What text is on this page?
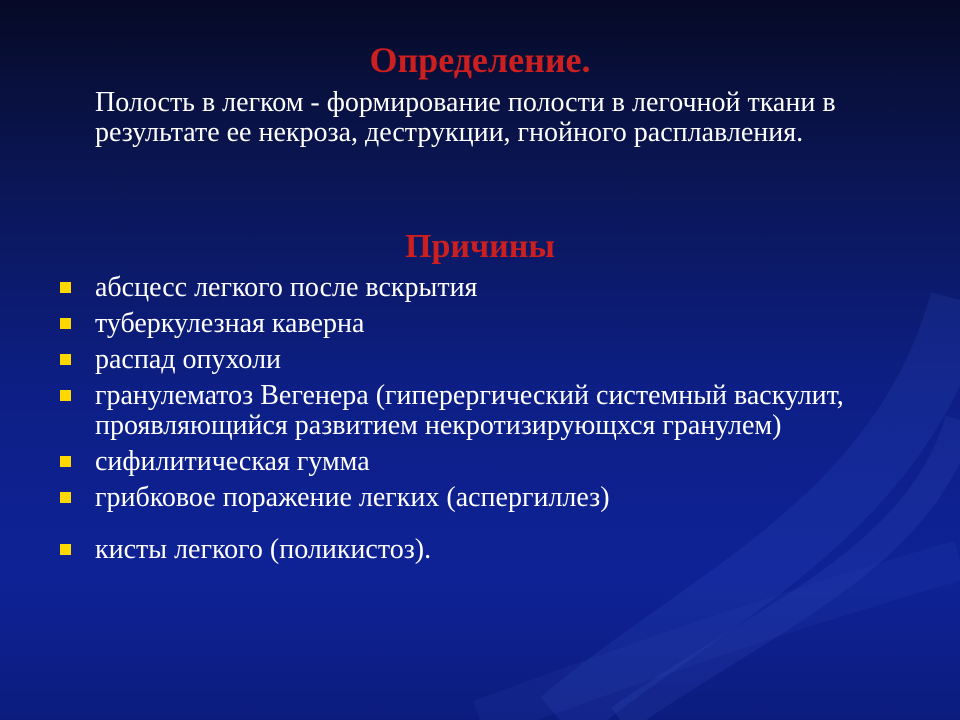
Определение.

Полость в легком - формирование полости в легочной ткани в результате ее некроза, деструкции, гнойного расплавления.

Причины
абсцесс легкого после вскрытия
туберкулезная каверна
распад опухоли
гранулематоз Вегенера (гиперергический системный васкулит, проявляющийся развитием некротизирующхся гранулем)
сифилитическая гумма
грибковое поражение легких (аспергиллез)
кисты легкого (поликистоз).
